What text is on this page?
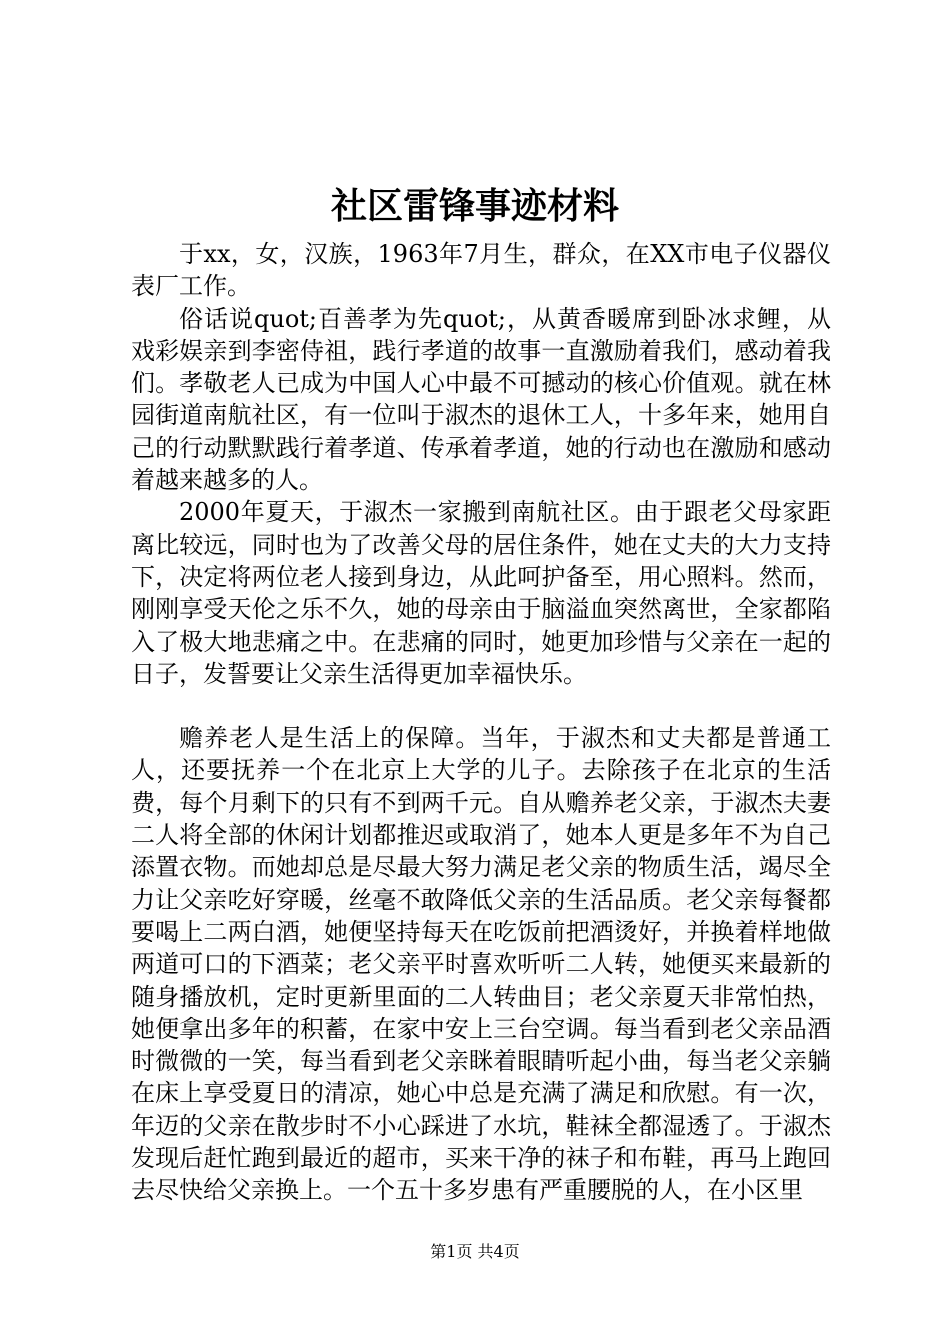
社区雷锋事迹材料

于xx，女，汉族，1963年7月生，群众，在XX市电子仪器仪表厂工作。

俗话说quot;百善孝为先quot;，从黄香暖席到卧冰求鲤，从戏彩娱亲到李密侍祖，践行孝道的故事一直激励着我们，感动着我们。孝敬老人已成为中国人心中最不可撼动的核心价值观。就在林园街道南航社区，有一位叫于淑杰的退休工人，十多年来，她用自己的行动默默践行着孝道、传承着孝道，她的行动也在激励和感动着越来越多的人。

2000年夏天，于淑杰一家搬到南航社区。由于跟老父母家距离比较远，同时也为了改善父母的居住条件，她在丈夫的大力支持下，决定将两位老人接到身边，从此呵护备至，用心照料。然而，刚刚享受天伦之乐不久，她的母亲由于脑溢血突然离世，全家都陷入了极大地悲痛之中。在悲痛的同时，她更加珍惜与父亲在一起的日子，发誓要让父亲生活得更加幸福快乐。

赡养老人是生活上的保障。当年，于淑杰和丈夫都是普通工人，还要抚养一个在北京上大学的儿子。去除孩子在北京的生活费，每个月剩下的只有不到两千元。自从赡养老父亲，于淑杰夫妻二人将全部的休闲计划都推迟或取消了，她本人更是多年不为自己添置衣物。而她却总是尽最大努力满足老父亲的物质生活，竭尽全力让父亲吃好穿暖，丝毫不敢降低父亲的生活品质。老父亲每餐都要喝上二两白酒，她便坚持每天在吃饭前把酒烫好，并换着样地做两道可口的下酒菜；老父亲平时喜欢听听二人转，她便买来最新的随身播放机，定时更新里面的二人转曲目；老父亲夏天非常怕热，她便拿出多年的积蓄，在家中安上三台空调。每当看到老父亲品酒时微微的一笑，每当看到老父亲眯着眼睛听起小曲，每当老父亲躺在床上享受夏日的清凉，她心中总是充满了满足和欣慰。有一次，年迈的父亲在散步时不小心踩进了水坑，鞋袜全都湿透了。于淑杰发现后赶忙跑到最近的超市，买来干净的袜子和布鞋，再马上跑回去尽快给父亲换上。一个五十多岁患有严重腰脱的人，在小区里

第1页 共4页
